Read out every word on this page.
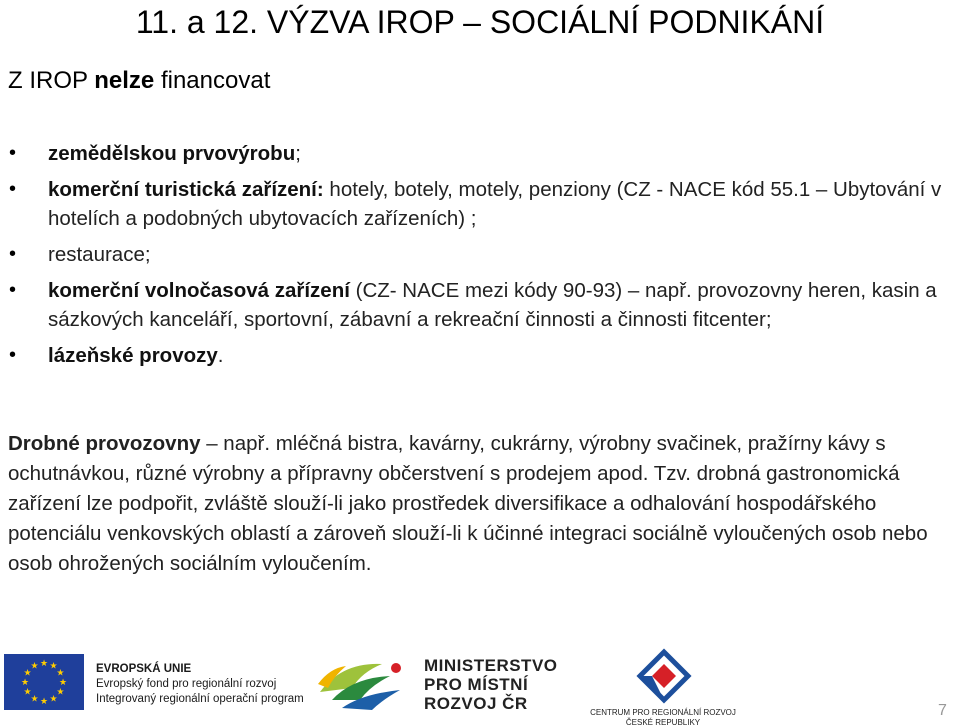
11. a 12. VÝZVA IROP – SOCIÁLNÍ PODNIKÁNÍ
Z IROP nelze financovat
• zemědělskou prvovýrobu;
• komerční turistická zařízení: hotely, botely, motely, penziony (CZ - NACE kód 55.1 – Ubytování v hotelích a podobných ubytovacích zařízeních) ;
• restaurace;
• komerční volnočasová zařízení (CZ- NACE mezi kódy 90-93) – např. provozovny heren, kasin a sázkových kanceláří, sportovní, zábavní a rekreační činnosti a činnosti fitcenter;
• lázeňské provozy.
Drobné provozovny – např. mléčná bistra, kavárny, cukrárny, výrobny svačinek, pražírny kávy s ochutnávkou, různé výrobny a přípravny občerstvení s prodejem apod. Tzv. drobná gastronomická zařízení lze podpořit, zvláště slouží-li jako prostředek diversifikace a odhalování hospodářského potenciálu venkovských oblastí a zároveň slouží-li k účinné integraci sociálně vyloučených osob nebo osob ohrožených sociálním vyloučením.
★
★
★
★
★
★
★
★
★ ★ ★
★	EVROPSKÁ UNIE
Evropský fond pro regionální rozvoj
Integrovaný regionální operační program
MINISTERSTVO
PRO MÍSTNÍ
ROZVOJ ČR	CENTRUM PRO REGIONÁLNÍ ROZVOJ
ČESKÉ REPUBLIKY
7
